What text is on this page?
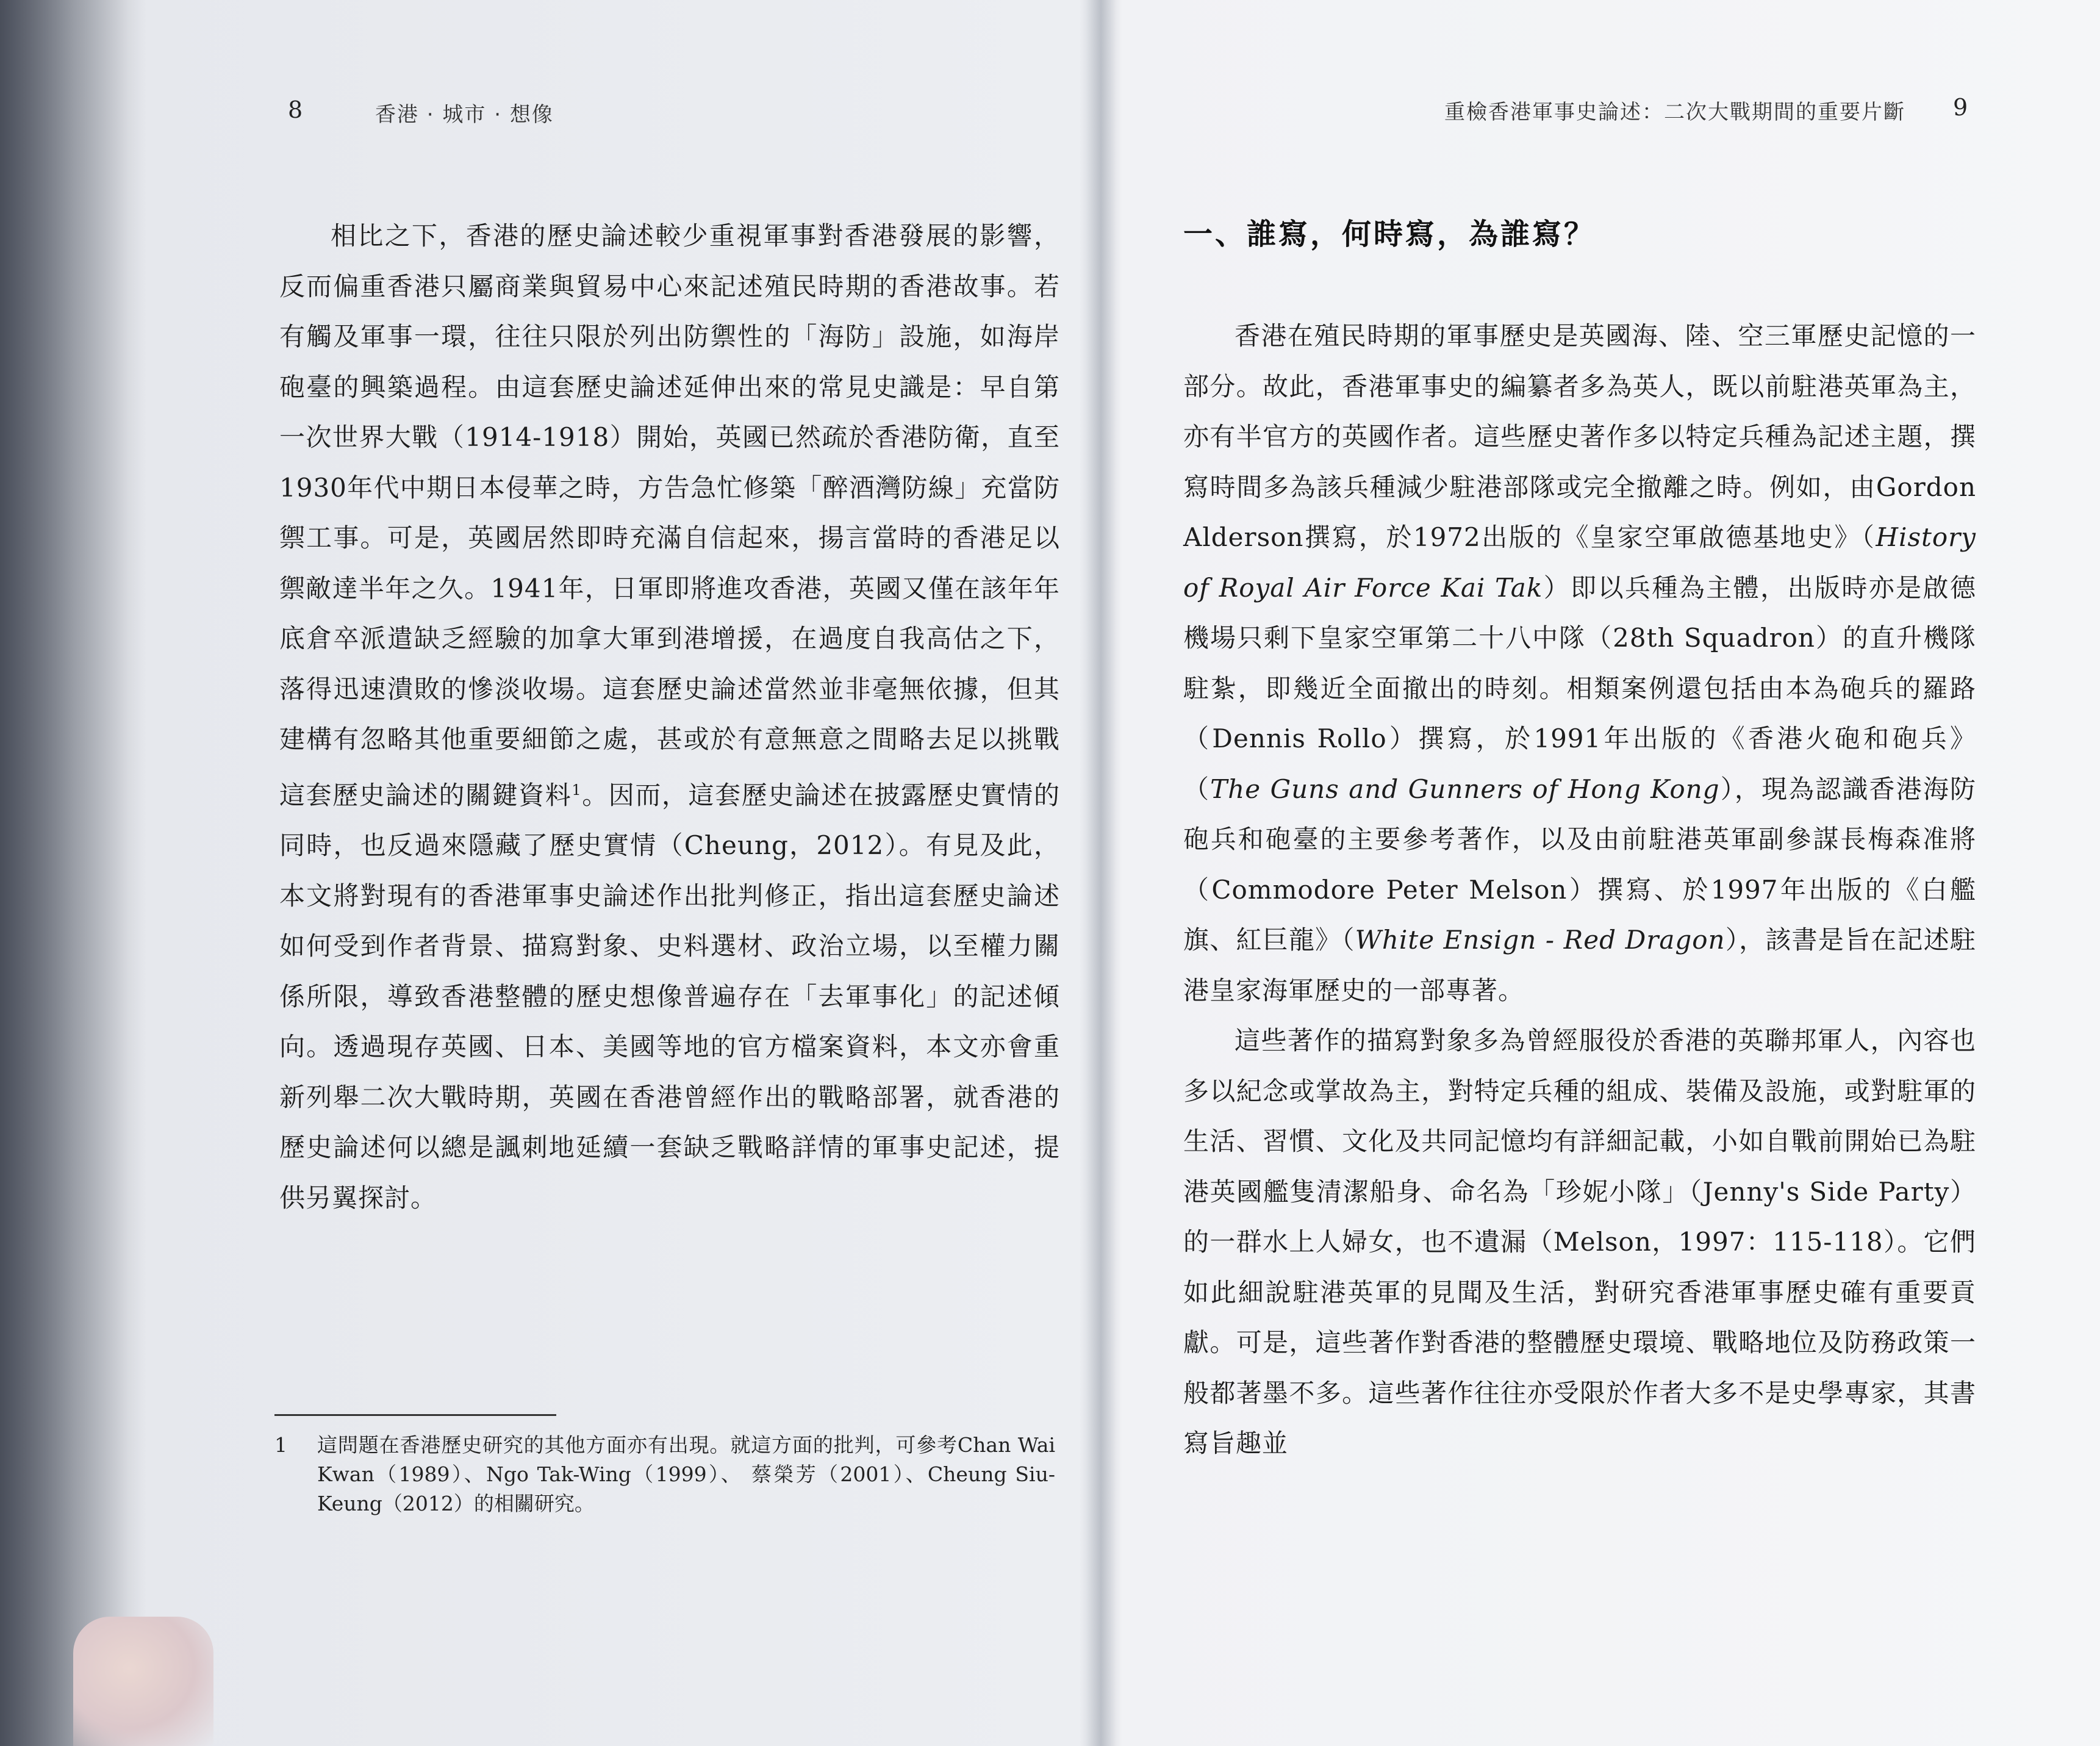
8	香港 · 城市 · 想像

相比之下，香港的歷史論述較少重視軍事對香港發展的影響，反而偏重香港只屬商業與貿易中心來記述殖民時期的香港故事。若有觸及軍事一環，往往只限於列出防禦性的「海防」設施，如海岸砲臺的興築過程。由這套歷史論述延伸出來的常見史識是：早自第一次世界大戰（1914-1918）開始，英國已然疏於香港防衛，直至1930年代中期日本侵華之時，方告急忙修築「醉酒灣防線」充當防禦工事。可是，英國居然即時充滿自信起來，揚言當時的香港足以禦敵達半年之久。1941年，日軍即將進攻香港，英國又僅在該年年底倉卒派遣缺乏經驗的加拿大軍到港增援，在過度自我高估之下，落得迅速潰敗的慘淡收場。這套歷史論述當然並非毫無依據，但其建構有忽略其他重要細節之處，甚或於有意無意之間略去足以挑戰這套歷史論述的關鍵資料$^1$。因而，這套歷史論述在披露歷史實情的同時，也反過來隱藏了歷史實情（Cheung，2012）。有見及此，本文將對現有的香港軍事史論述作出批判修正，指出這套歷史論述如何受到作者背景、描寫對象、史料選材、政治立場，以至權力關係所限，導致香港整體的歷史想像普遍存在「去軍事化」的記述傾向。透過現存英國、日本、美國等地的官方檔案資料，本文亦會重新列舉二次大戰時期，英國在香港曾經作出的戰略部署，就香港的歷史論述何以總是諷刺地延續一套缺乏戰略詳情的軍事史記述，提供另翼探討。

1 這問題在香港歷史研究的其他方面亦有出現。就這方面的批判，可參考Chan Wai Kwan（1989）、Ngo Tak-Wing（1999）、 蔡榮芳（2001）、Cheung Siu-Keung（2012）的相關研究。
重檢香港軍事史論述：二次大戰期間的重要片斷 9
一、誰寫，何時寫，為誰寫？

香港在殖民時期的軍事歷史是英國海、陸、空三軍歷史記憶的一部分。故此，香港軍事史的編纂者多為英人，既以前駐港英軍為主，亦有半官方的英國作者。這些歷史著作多以特定兵種為記述主題，撰寫時間多為該兵種減少駐港部隊或完全撤離之時。例如，由Gordon Alderson撰寫，於1972出版的《皇家空軍啟德基地史》（History of Royal Air Force Kai Tak）即以兵種為主體，出版時亦是啟德機場只剩下皇家空軍第二十八中隊（28th Squadron）的直升機隊駐紮，即幾近全面撤出的時刻。相類案例還包括由本為砲兵的羅路（Dennis Rollo）撰寫，於1991年出版的《香港火砲和砲兵》（The Guns and Gunners of Hong Kong），現為認識香港海防砲兵和砲臺的主要參考著作，以及由前駐港英軍副參謀長梅森准將（Commodore Peter Melson）撰寫、於1997年出版的《白艦旗、紅巨龍》（White Ensign - Red Dragon），該書是旨在記述駐港皇家海軍歷史的一部專著。

這些著作的描寫對象多為曾經服役於香港的英聯邦軍人，內容也多以紀念或掌故為主，對特定兵種的組成、裝備及設施，或對駐軍的生活、習慣、文化及共同記憶均有詳細記載，小如自戰前開始已為駐港英國艦隻清潔船身、命名為「珍妮小隊」（Jenny's Side Party）的一群水上人婦女，也不遺漏（Melson，1997：115-118）。它們如此細說駐港英軍的見聞及生活，對研究香港軍事歷史確有重要貢獻。可是，這些著作對香港的整體歷史環境、戰略地位及防務政策一般都著墨不多。這些著作往往亦受限於作者大多不是史學專家，其書寫旨趣並
